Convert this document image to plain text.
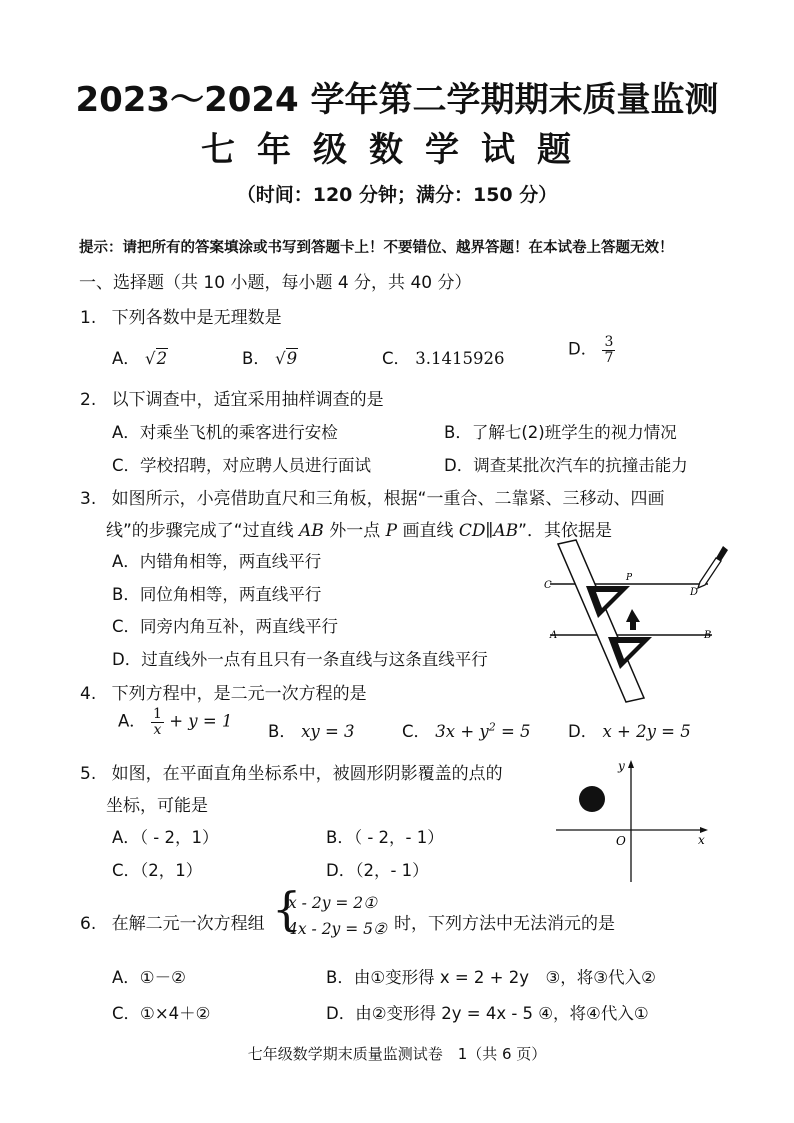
2023～2024 学年第二学期期末质量监测
七年级数学试题
（时间：120 分钟；满分：150 分）
提示：请把所有的答案填涂或书写到答题卡上！不要错位、越界答题！在本试卷上答题无效！
一、选择题（共 10 小题，每小题 4 分，共 40 分）
1. 下列各数中是无理数是
A． √2	B． √9	C． 3.1415926	D． $\frac{3}{7}$
2. 以下调查中，适宜采用抽样调查的是
A．对乘坐飞机的乘客进行安检	B．了解七(2)班学生的视力情况
C．学校招聘，对应聘人员进行面试	D．调查某批次汽车的抗撞击能力
3. 如图所示，小亮借助直尺和三角板，根据“一重合、二靠紧、三移动、四画
线”的步骤完成了“过直线 AB 外一点 P 画直线 CD∥AB”．其依据是
A．内错角相等，两直线平行
B．同位角相等，两直线平行
C．同旁内角互补，两直线平行
D．过直线外一点有且只有一条直线与这条直线平行
C
P
D
A	B
4. 下列方程中，是二元一次方程的是
A． $\frac{1}{x} + y = 1$
B． xy = 3	C． $3x + y^2 = 5$ D． x + 2y = 5
5. 如图，在平面直角坐标系中，被圆形阴影覆盖的点的
坐标，可能是
A．（ - 2，1）	B．（ - 2，- 1）
C．（2，1）	D．（2，- 1）
y
O	x
6. 在解二元一次方程组 {
x - 2y = 2①
4x - 2y = 5② 时，下列方法中无法消元的是
A．①－②	B．由①变形得 x = 2 + 2y　③，将③代入②
C．①×4＋②	D．由②变形得 2y = 4x - 5 ④，将④代入①
七年级数学期末质量监测试卷　1（共 6 页）
